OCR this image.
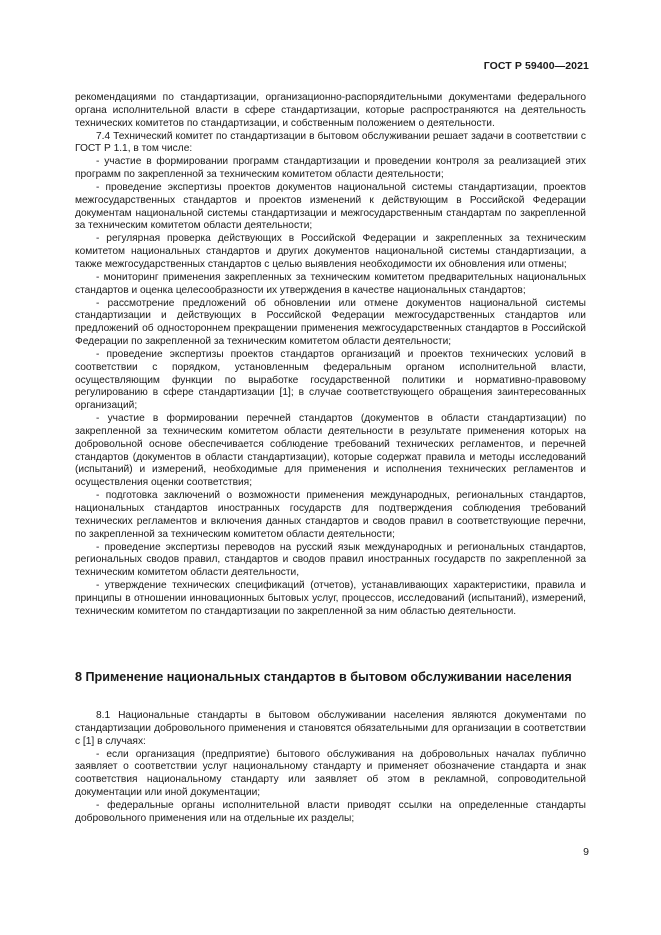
ГОСТ Р 59400—2021

рекомендациями по стандартизации, организационно-распорядительными документами федерального органа исполнительной власти в сфере стандартизации, которые распространяются на деятельность технических комитетов по стандартизации, и собственным положением о деятельности.

7.4 Технический комитет по стандартизации в бытовом обслуживании решает задачи в соответствии с ГОСТ Р 1.1, в том числе:

- участие в формировании программ стандартизации и проведении контроля за реализацией этих программ по закрепленной за техническим комитетом области деятельности;

- проведение экспертизы проектов документов национальной системы стандартизации, проектов межгосударственных стандартов и проектов изменений к действующим в Российской Федерации документам национальной системы стандартизации и межгосударственным стандартам по закрепленной за техническим комитетом области деятельности;

- регулярная проверка действующих в Российской Федерации и закрепленных за техническим комитетом национальных стандартов и других документов национальной системы стандартизации, а также межгосударственных стандартов с целью выявления необходимости их обновления или отмены;

- мониторинг применения закрепленных за техническим комитетом предварительных национальных стандартов и оценка целесообразности их утверждения в качестве национальных стандартов;

- рассмотрение предложений об обновлении или отмене документов национальной системы стандартизации и действующих в Российской Федерации межгосударственных стандартов или предложений об одностороннем прекращении применения межгосударственных стандартов в Российской Федерации по закрепленной за техническим комитетом области деятельности;

- проведение экспертизы проектов стандартов организаций и проектов технических условий в соответствии с порядком, установленным федеральным органом исполнительной власти, осуществляющим функции по выработке государственной политики и нормативно-правовому регулированию в сфере стандартизации [1]; в случае соответствующего обращения заинтересованных организаций;

- участие в формировании перечней стандартов (документов в области стандартизации) по закрепленной за техническим комитетом области деятельности в результате применения которых на добровольной основе обеспечивается соблюдение требований технических регламентов, и перечней стандартов (документов в области стандартизации), которые содержат правила и методы исследований (испытаний) и измерений, необходимые для применения и исполнения технических регламентов и осуществления оценки соответствия;

- подготовка заключений о возможности применения международных, региональных стандартов, национальных стандартов иностранных государств для подтверждения соблюдения требований технических регламентов и включения данных стандартов и сводов правил в соответствующие перечни, по закрепленной за техническим комитетом области деятельности;

- проведение экспертизы переводов на русский язык международных и региональных стандартов, региональных сводов правил, стандартов и сводов правил иностранных государств по закрепленной за техническим комитетом области деятельности,

- утверждение технических спецификаций (отчетов), устанавливающих характеристики, правила и принципы в отношении инновационных бытовых услуг, процессов, исследований (испытаний), измерений, техническим комитетом по стандартизации по закрепленной за ним областью деятельности.

8 Применение национальных стандартов в бытовом обслуживании населения

8.1 Национальные стандарты в бытовом обслуживании населения являются документами по стандартизации добровольного применения и становятся обязательными для организации в соответствии с [1] в случаях:

- если организация (предприятие) бытового обслуживания на добровольных началах публично заявляет о соответствии услуг национальному стандарту и применяет обозначение стандарта и знак соответствия национальному стандарту или заявляет об этом в рекламной, сопроводительной документации или иной документации;

- федеральные органы исполнительной власти приводят ссылки на определенные стандарты добровольного применения или на отдельные их разделы;

9
